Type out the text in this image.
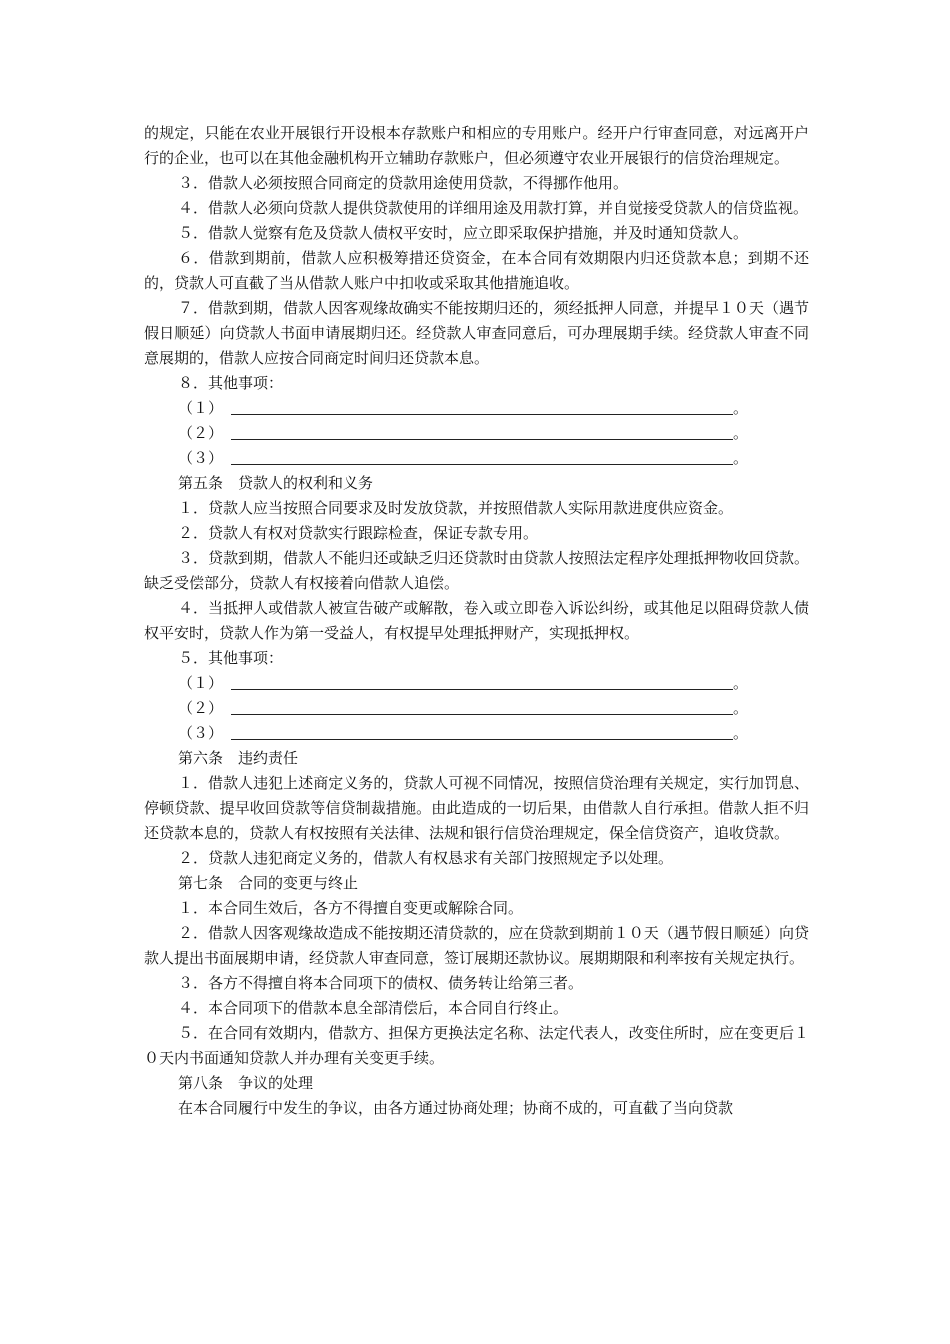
的规定，只能在农业开展银行开设根本存款账户和相应的专用账户。经开户行审查同意，对远离开户行的企业，也可以在其他金融机构开立辅助存款账户，但必须遵守农业开展银行的信贷治理规定。

３．借款人必须按照合同商定的贷款用途使用贷款，不得挪作他用。

４．借款人必须向贷款人提供贷款使用的详细用途及用款打算，并自觉接受贷款人的信贷监视。

５．借款人觉察有危及贷款人债权平安时，应立即采取保护措施，并及时通知贷款人。

６．借款到期前，借款人应积极筹措还贷资金，在本合同有效期限内归还贷款本息；到期不还的，贷款人可直截了当从借款人账户中扣收或采取其他措施追收。

７．借款到期，借款人因客观缘故确实不能按期归还的，须经抵押人同意，并提早１０天（遇节假日顺延）向贷款人书面申请展期归还。经贷款人审查同意后，可办理展期手续。经贷款人审查不同意展期的，借款人应按合同商定时间归还贷款本息。

８．其他事项：

（１）	。
（２）	。
（３）	。

第五条　贷款人的权利和义务

１．贷款人应当按照合同要求及时发放贷款，并按照借款人实际用款进度供应资金。

２．贷款人有权对贷款实行跟踪检查，保证专款专用。

３．贷款到期，借款人不能归还或缺乏归还贷款时由贷款人按照法定程序处理抵押物收回贷款。缺乏受偿部分，贷款人有权接着向借款人追偿。

４．当抵押人或借款人被宣告破产或解散，卷入或立即卷入诉讼纠纷，或其他足以阻碍贷款人债权平安时，贷款人作为第一受益人，有权提早处理抵押财产，实现抵押权。

５．其他事项：

（１）	。
（２）	。
（３）	。

第六条　违约责任

１．借款人违犯上述商定义务的，贷款人可视不同情况，按照信贷治理有关规定，实行加罚息、停顿贷款、提早收回贷款等信贷制裁措施。由此造成的一切后果，由借款人自行承担。借款人拒不归还贷款本息的，贷款人有权按照有关法律、法规和银行信贷治理规定，保全信贷资产，追收贷款。

２．贷款人违犯商定义务的，借款人有权恳求有关部门按照规定予以处理。

第七条　合同的变更与终止

１．本合同生效后，各方不得擅自变更或解除合同。

２．借款人因客观缘故造成不能按期还清贷款的，应在贷款到期前１０天（遇节假日顺延）向贷款人提出书面展期申请，经贷款人审查同意，签订展期还款协议。展期期限和利率按有关规定执行。

３．各方不得擅自将本合同项下的债权、债务转让给第三者。

４．本合同项下的借款本息全部清偿后，本合同自行终止。

５．在合同有效期内，借款方、担保方更换法定名称、法定代表人，改变住所时，应在变更后１０天内书面通知贷款人并办理有关变更手续。

第八条　争议的处理

在本合同履行中发生的争议，由各方通过协商处理；协商不成的，可直截了当向贷款
